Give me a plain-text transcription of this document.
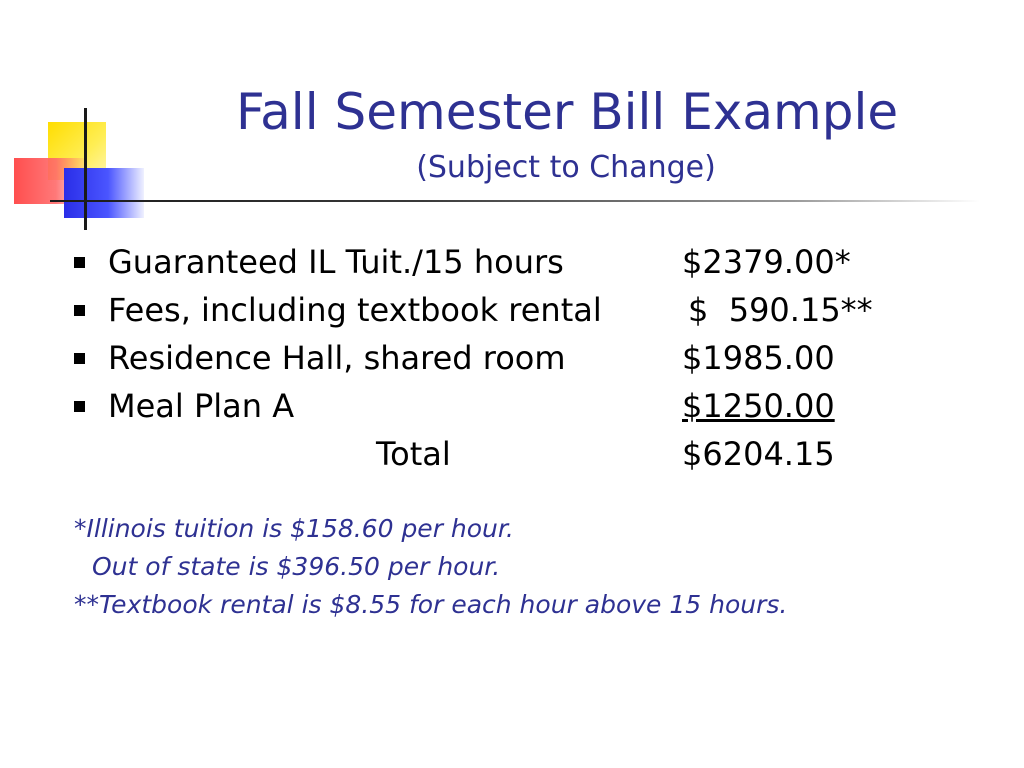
Fall Semester Bill Example
(Subject to Change)
Guaranteed IL Tuit./15 hours	$2379.00*
Fees, including textbook rental	$  590.15**
Residence Hall, shared room	$1985.00
Meal Plan A	$1250.00
Total	$6204.15
*Illinois tuition is $158.60 per hour.
Out of state is $396.50 per hour.
**Textbook rental is $8.55 for each hour above 15 hours.
